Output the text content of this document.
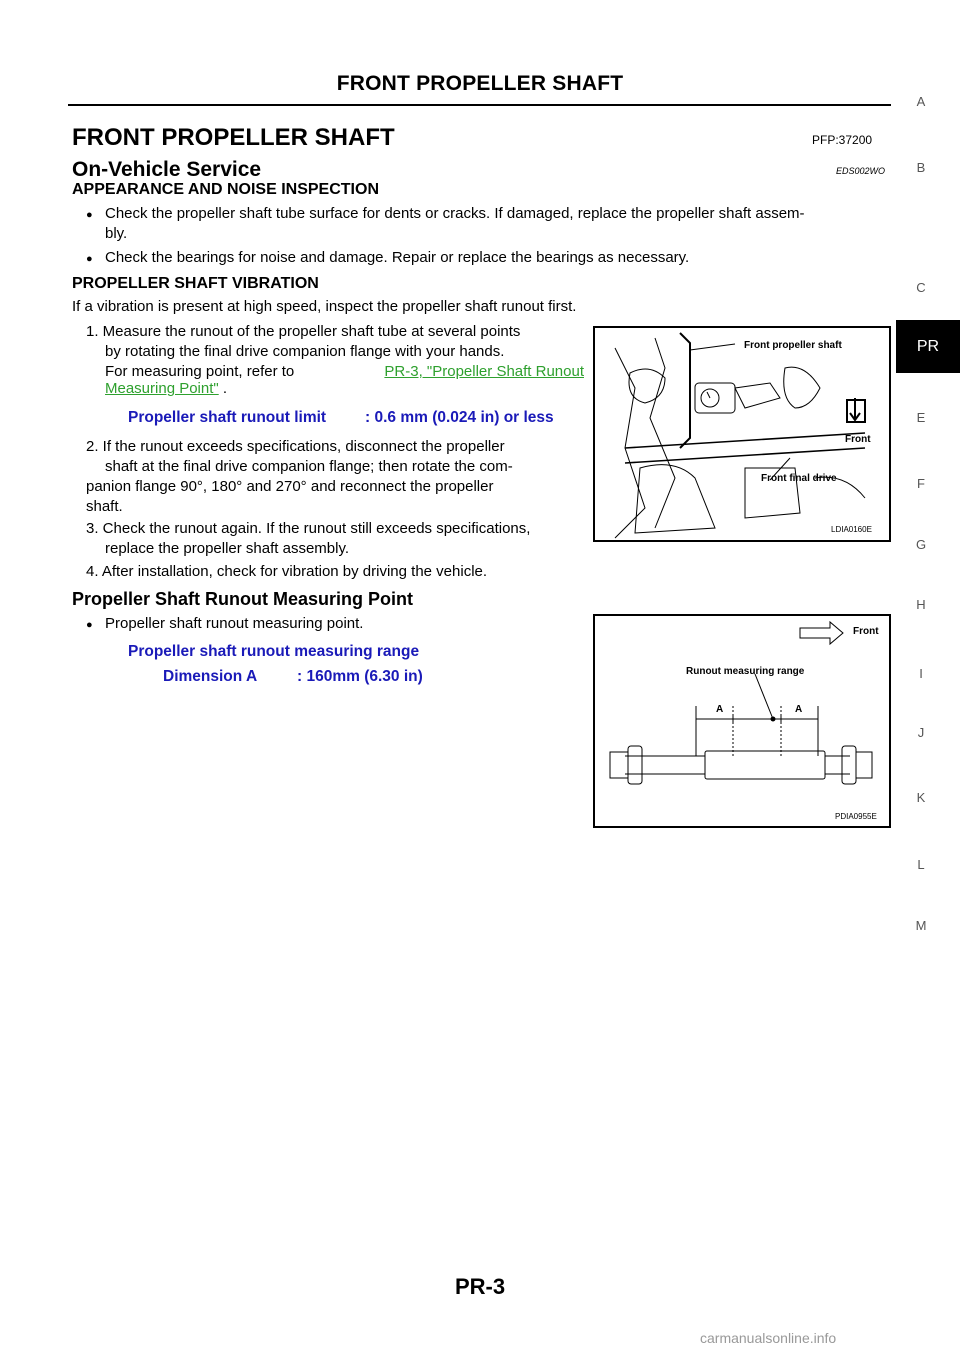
FRONT PROPELLER SHAFT
FRONT PROPELLER SHAFT	PFP:37200
On-Vehicle Service	EDS002WO
APPEARANCE AND NOISE INSPECTION
● Check the propeller shaft tube surface for dents or cracks. If damaged, replace the propeller shaft assem-
bly.
● Check the bearings for noise and damage. Repair or replace the bearings as necessary.
PROPELLER SHAFT VIBRATION
If a vibration is present at high speed, inspect the propeller shaft runout first.
1. Measure the runout of the propeller shaft tube at several points
by rotating the final drive companion flange with your hands.
For measuring point, refer to	PR-3, "Propeller Shaft Runout
Measuring Point" .
Propeller shaft runout limit	: 0.6 mm (0.024 in) or less
2. If the runout exceeds specifications, disconnect the propeller
shaft at the final drive companion flange; then rotate the com-
panion flange 90°, 180° and 270° and reconnect the propeller
shaft.
3. Check the runout again. If the runout still exceeds specifications,
replace the propeller shaft assembly.
4. After installation, check for vibration by driving the vehicle.
Propeller Shaft Runout Measuring Point
● Propeller shaft runout measuring point.
Propeller shaft runout measuring range
Dimension A	: 160mm (6.30 in)
Front propeller shaft
Front
Front final drive
LDIA0160E
Front
Runout measuring range
A	A
PDIA0955E
A
B
C
PR
E
F
G
H
I
J
K
L
M
PR-3
carmanualsonline.info
